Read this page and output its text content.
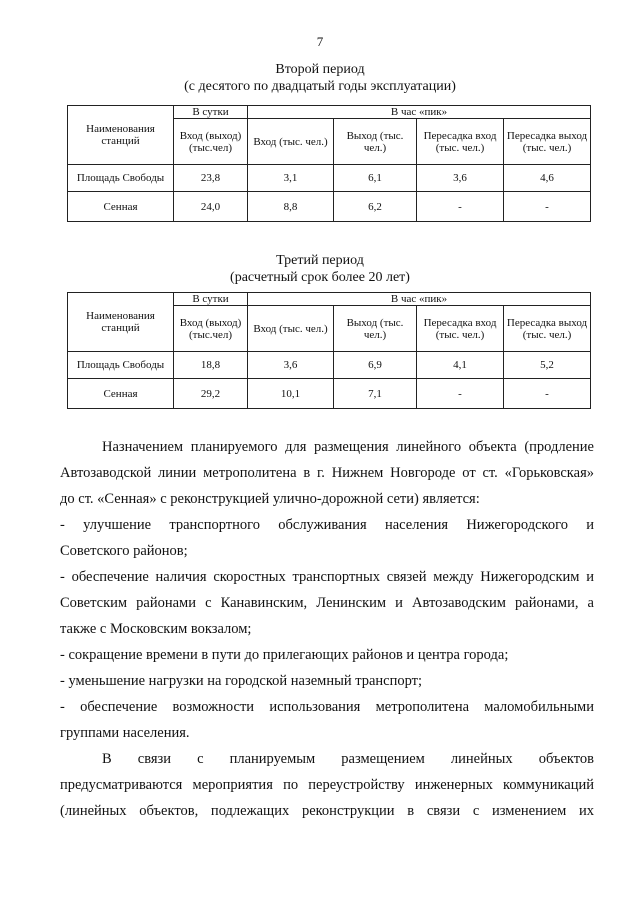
7
Второй период
(с десятого по двадцатый годы эксплуатации)
Наименования станций	В сутки	В час «пик»			
	Вход (выход) (тыс.чел)	Вход (тыс. чел.)	Выход (тыс. чел.)	Пересадка вход (тыс. чел.)	Пересадка выход (тыс. чел.)
Площадь Свободы	23,8	3,1	6,1	3,6	4,6
Сенная	24,0	8,8	6,2	-	-
Третий период
(расчетный срок более 20 лет)
Наименования станций	В сутки	В час «пик»			
	Вход (выход) (тыс.чел)	Вход (тыс. чел.)	Выход (тыс. чел.)	Пересадка вход (тыс. чел.)	Пересадка выход (тыс. чел.)
Площадь Свободы	18,8	3,6	6,9	4,1	5,2
Сенная	29,2	10,1	7,1	-	-
Назначением планируемого для размещения линейного объекта (продление
Автозаводской линии метрополитена в г. Нижнем Новгороде от ст. «Горьковская»
до ст. «Сенная» с реконструкцией улично-дорожной сети) является:
- улучшение транспортного обслуживания населения Нижегородского и
Советского районов;
- обеспечение наличия скоростных транспортных связей между Нижегородским и
Советским районами с Канавинским, Ленинским и Автозаводским районами, а
также с Московским вокзалом;
- сокращение времени в пути до прилегающих районов и центра города;
- уменьшение нагрузки на городской наземный транспорт;
- обеспечение возможности использования метрополитена маломобильными
группами населения.
В связи с планируемым размещением линейных объектов
предусматриваются мероприятия по переустройству инженерных коммуникаций
(линейных объектов, подлежащих реконструкции в связи с изменением их
